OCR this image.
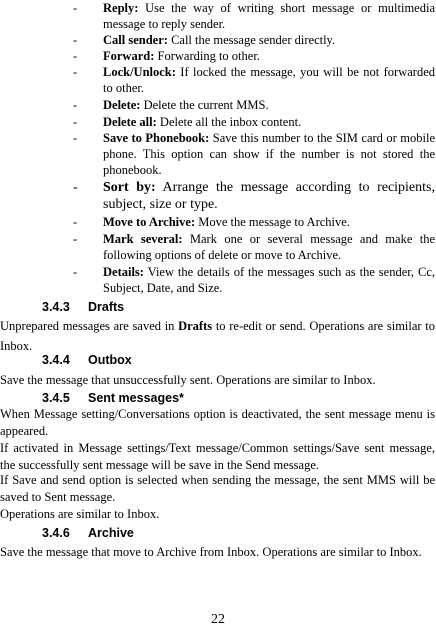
- Reply: Use the way of writing short message or multimedia message to reply sender.
- Call sender: Call the message sender directly.
- Forward: Forwarding to other.
- Lock/Unlock: If locked the message, you will be not forwarded to other.
- Delete: Delete the current MMS.
- Delete all: Delete all the inbox content.
- Save to Phonebook: Save this number to the SIM card or mobile phone. This option can show if the number is not stored the phonebook.
- Sort by: Arrange the message according to recipients, subject, size or type.
- Move to Archive: Move the message to Archive.
- Mark several: Mark one or several message and make the following options of delete or move to Archive.
- Details: View the details of the messages such as the sender, Cc, Subject, Date, and Size.
3.4.3 Drafts
Unprepared messages are saved in Drafts to re-edit or send. Operations are similar to Inbox.
3.4.4 Outbox
Save the message that unsuccessfully sent. Operations are similar to Inbox.
3.4.5 Sent messages*
When Message setting/Conversations option is deactivated, the sent message menu is appeared.
If activated in Message settings/Text message/Common settings/Save sent message, the successfully sent message will be save in the Send message.
If Save and send option is selected when sending the message, the sent MMS will be saved to Sent message.
Operations are similar to Inbox.
3.4.6 Archive
Save the message that move to Archive from Inbox. Operations are similar to Inbox.
22
